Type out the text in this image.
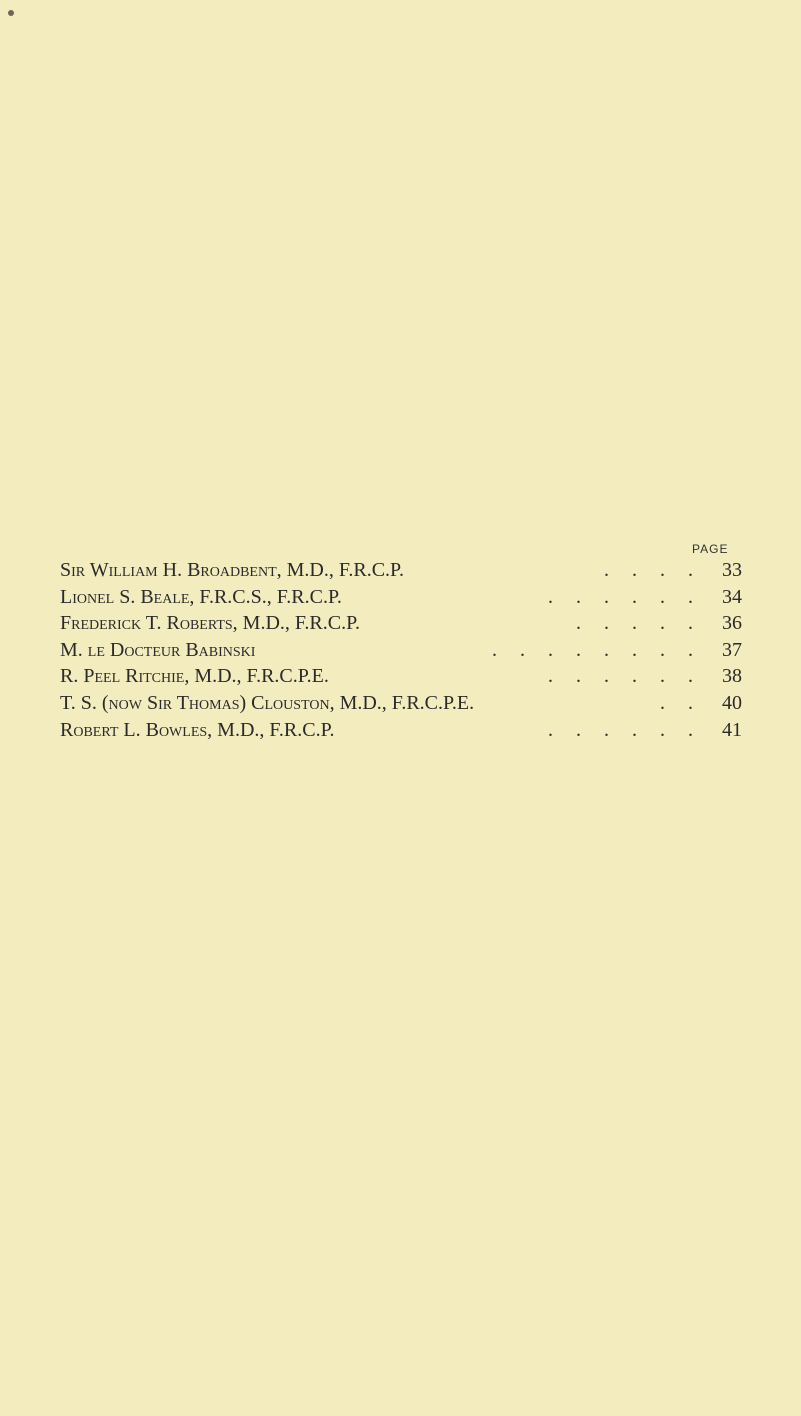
PAGE
Sir William H. Broadbent, M.D., F.R.C.P.	. . . .	33
Lionel S. Beale, F.R.C.S., F.R.C.P.	. . . . . .	34
Frederick T. Roberts, M.D., F.R.C.P.	. . . . .	36
M. le Docteur Babinski	. . . . . . . .	37
R. Peel Ritchie, M.D., F.R.C.P.E.	. . . . . .	38
T. S. (now Sir Thomas) Clouston, M.D., F.R.C.P.E.	. .	40
Robert L. Bowles, M.D., F.R.C.P.	. . . . . .	41
